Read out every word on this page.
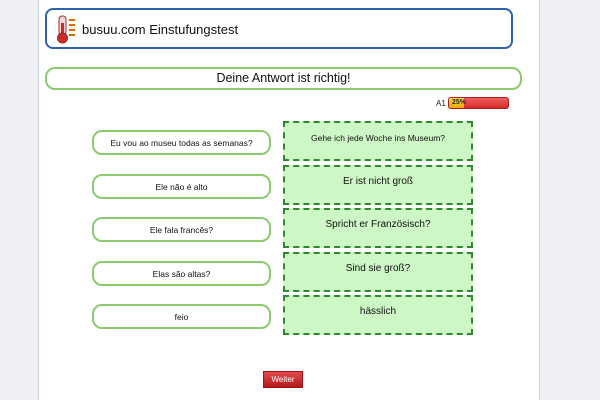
busuu.com Einstufungstest
Deine Antwort ist richtig!
A1 25%
Eu vou ao museu todas as semanas?
Ele não é alto
Ele fala francês?
Elas são altas?
feio
Gehe ich jede Woche ins Museum?
Er ist nicht groß
Spricht er Französisch?
Sind sie groß?
hässlich
Weiter
